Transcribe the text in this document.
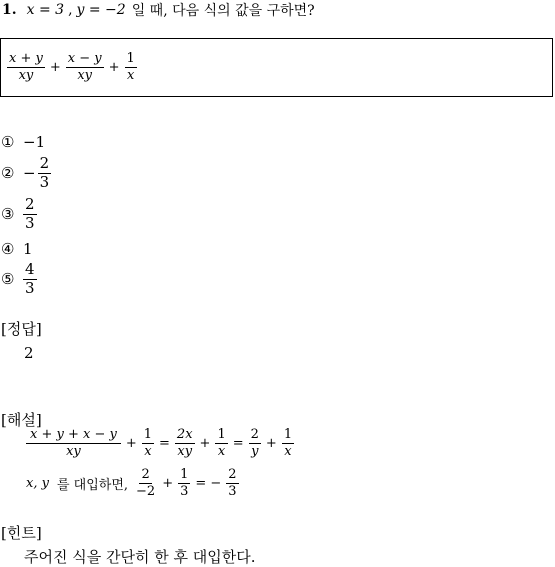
1. x = 3 , y = −2 일 때, 다음 식의 값을 구하면?
$\frac{x + y}{xy} + \frac{x - y}{xy} + \frac{1}{x}$
① −1
② − $\frac{2}{3}$
③ $\frac{2}{3}$
④ 1
⑤ $\frac{4}{3}$
[정답]
2
[해설]
$\frac{x + y + x - y}{xy} + \frac{1}{x} = \frac{2x}{xy} + \frac{1}{x} = \frac{2}{y} + \frac{1}{x}$
x, y 를 대입하면, $\frac{2}{-2} + \frac{1}{3}$ = − $\frac{2}{3}$
[힌트]
주어진 식을 간단히 한 후 대입한다.
